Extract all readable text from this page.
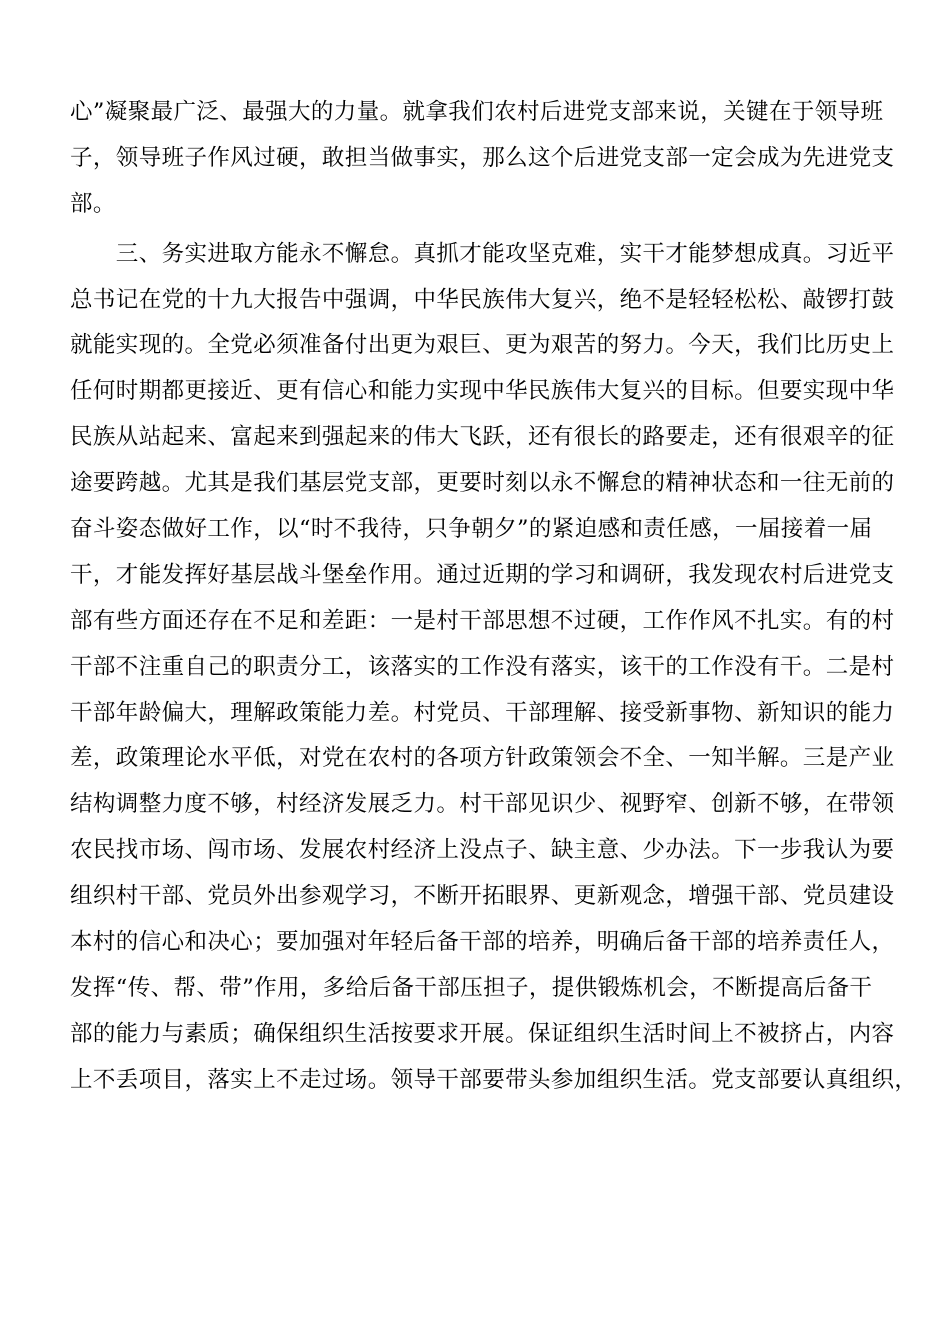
心”凝聚最广泛、最强大的力量。就拿我们农村后进党支部来说，关键在于领导班
子，领导班子作风过硬，敢担当做事实，那么这个后进党支部一定会成为先进党支
部。
　　三、务实进取方能永不懈怠。真抓才能攻坚克难，实干才能梦想成真。习近平
总书记在党的十九大报告中强调，中华民族伟大复兴，绝不是轻轻松松、敲锣打鼓
就能实现的。全党必须准备付出更为艰巨、更为艰苦的努力。今天，我们比历史上
任何时期都更接近、更有信心和能力实现中华民族伟大复兴的目标。但要实现中华
民族从站起来、富起来到强起来的伟大飞跃，还有很长的路要走，还有很艰辛的征
途要跨越。尤其是我们基层党支部，更要时刻以永不懈怠的精神状态和一往无前的
奋斗姿态做好工作，以“时不我待，只争朝夕”的紧迫感和责任感，一届接着一届
干，才能发挥好基层战斗堡垒作用。通过近期的学习和调研，我发现农村后进党支
部有些方面还存在不足和差距：一是村干部思想不过硬，工作作风不扎实。有的村
干部不注重自己的职责分工，该落实的工作没有落实，该干的工作没有干。二是村
干部年龄偏大，理解政策能力差。村党员、干部理解、接受新事物、新知识的能力
差，政策理论水平低，对党在农村的各项方针政策领会不全、一知半解。三是产业
结构调整力度不够，村经济发展乏力。村干部见识少、视野窄、创新不够，在带领
农民找市场、闯市场、发展农村经济上没点子、缺主意、少办法。下一步我认为要
组织村干部、党员外出参观学习，不断开拓眼界、更新观念，增强干部、党员建设
本村的信心和决心；要加强对年轻后备干部的培养，明确后备干部的培养责任人，
发挥“传、帮、带”作用，多给后备干部压担子，提供锻炼机会，不断提高后备干
部的能力与素质；确保组织生活按要求开展。保证组织生活时间上不被挤占，内容
上不丢项目，落实上不走过场。领导干部要带头参加组织生活。党支部要认真组织，
